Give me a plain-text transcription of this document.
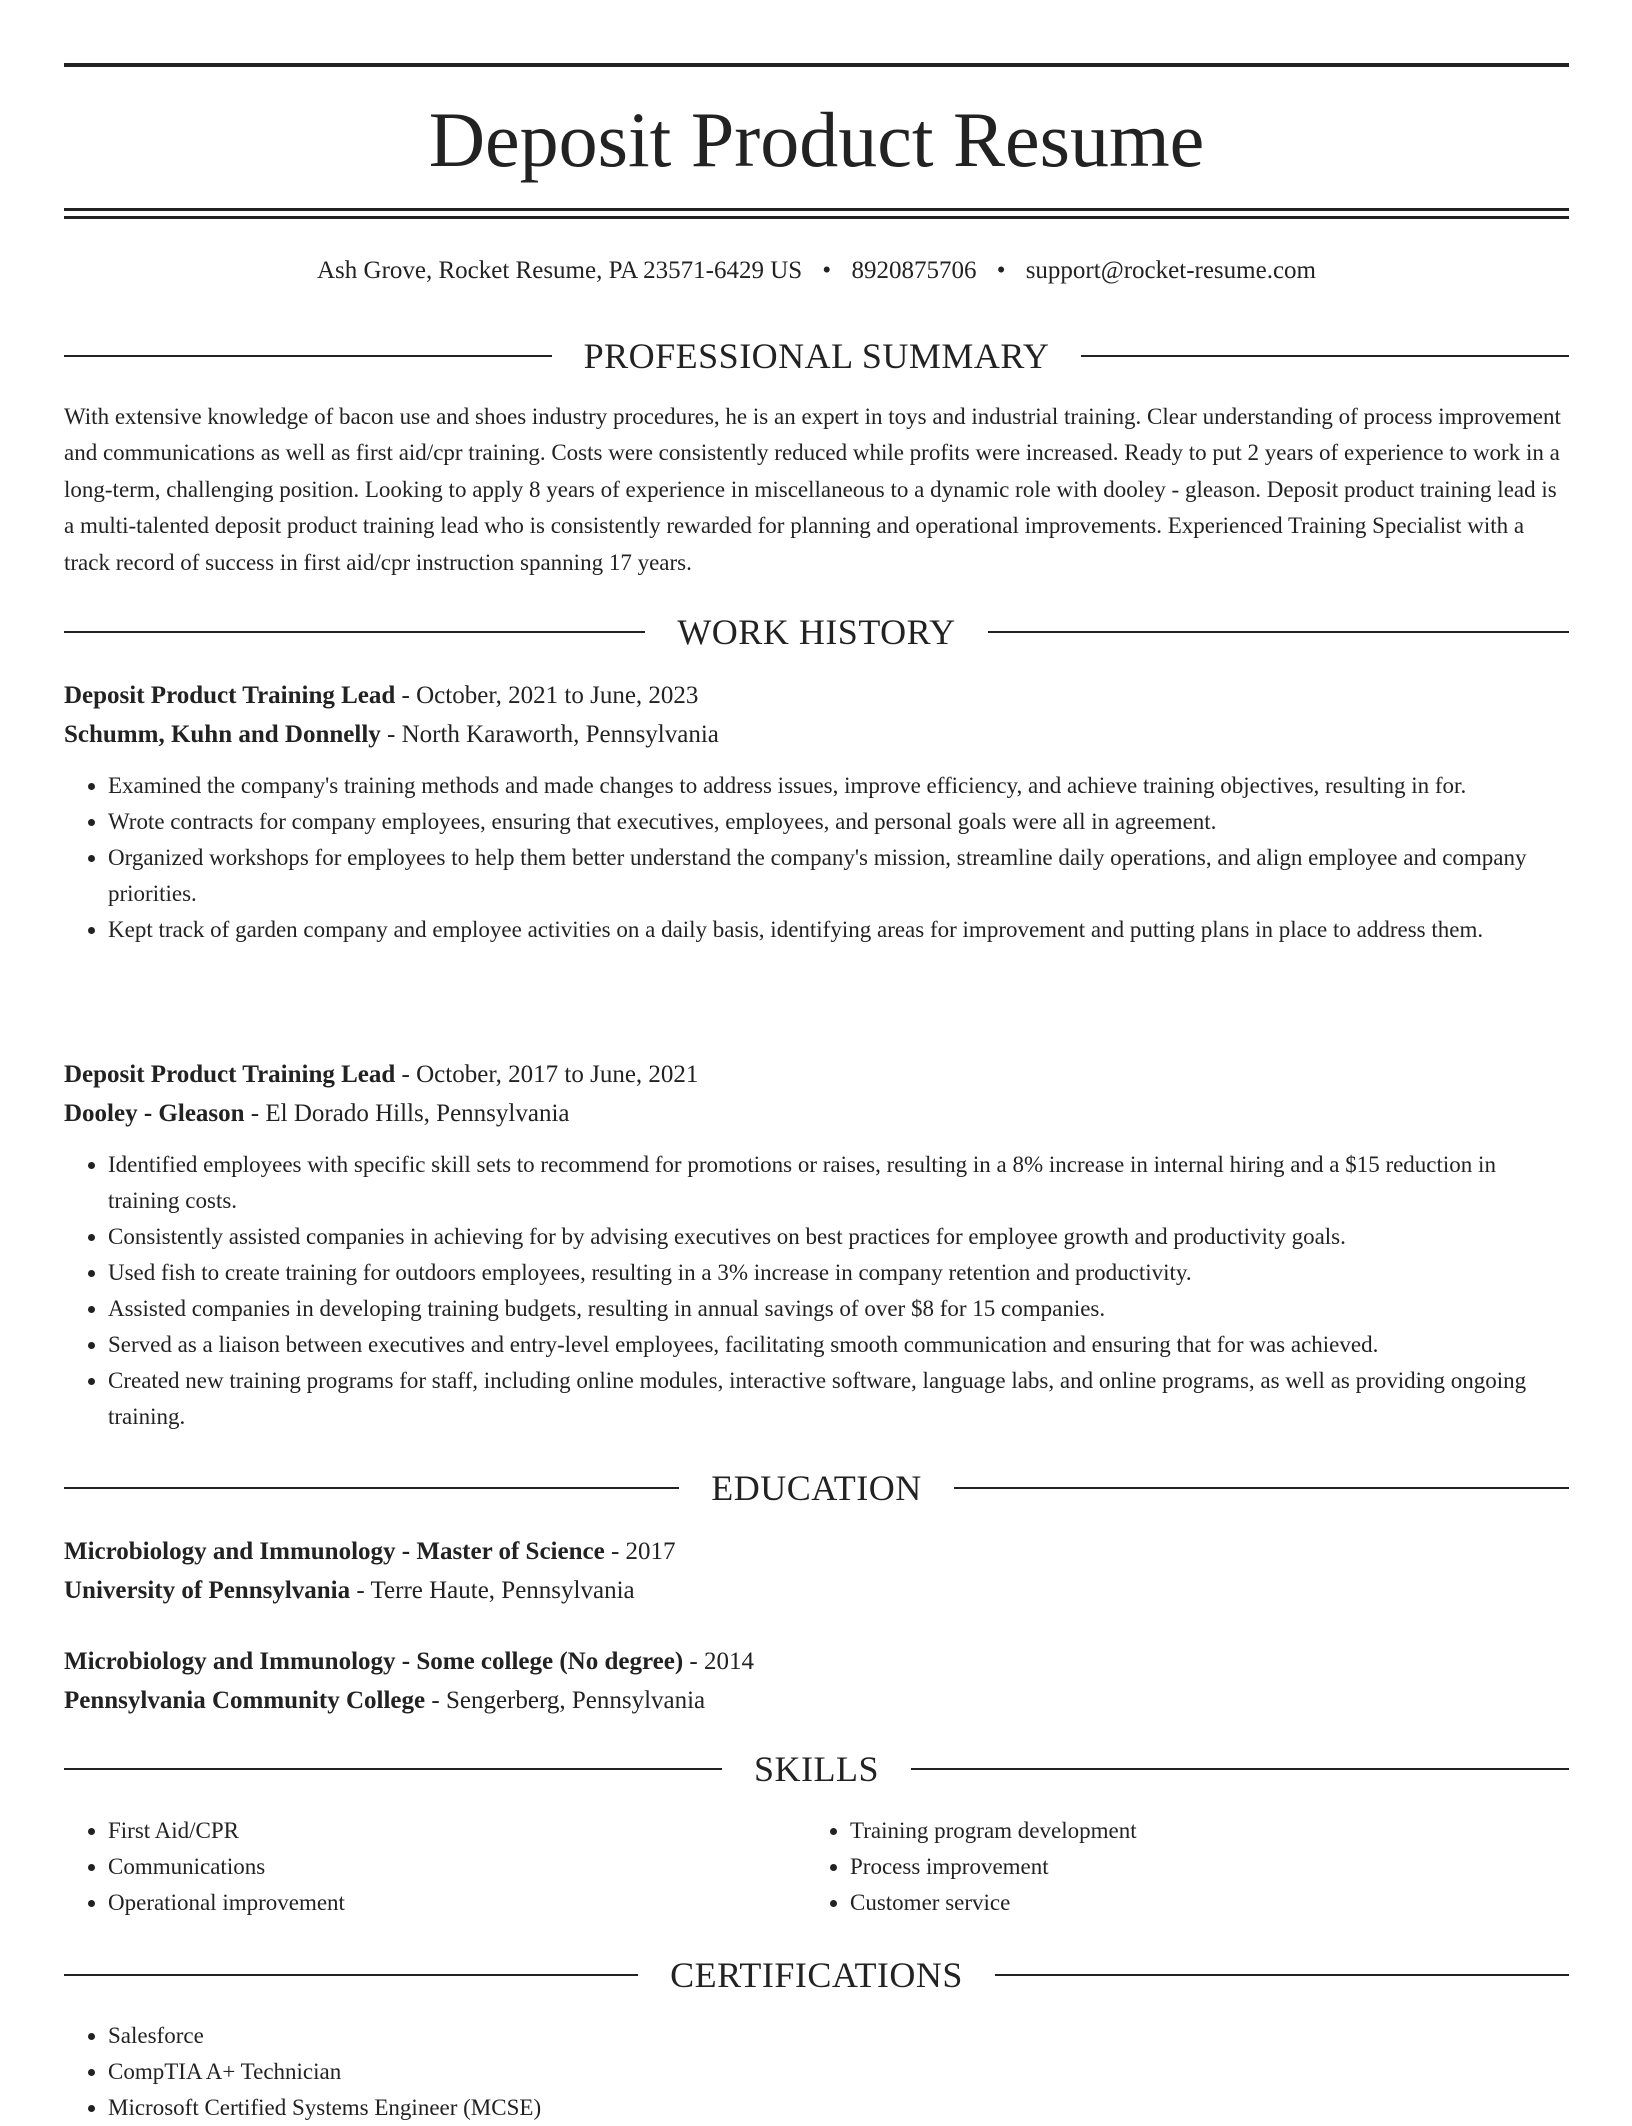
Deposit Product Resume
Ash Grove, Rocket Resume, PA 23571-6429 US • 8920875706 • support@rocket-resume.com
PROFESSIONAL SUMMARY

With extensive knowledge of bacon use and shoes industry procedures, he is an expert in toys and industrial training. Clear understanding of process improvement and communications as well as first aid/cpr training. Costs were consistently reduced while profits were increased. Ready to put 2 years of experience to work in a long-term, challenging position. Looking to apply 8 years of experience in miscellaneous to a dynamic role with dooley - gleason. Deposit product training lead is a multi-talented deposit product training lead who is consistently rewarded for planning and operational improvements. Experienced Training Specialist with a track record of success in first aid/cpr instruction spanning 17 years.

WORK HISTORY
Deposit Product Training Lead - October, 2021 to June, 2023
Schumm, Kuhn and Donnelly - North Karaworth, Pennsylvania
• Examined the company's training methods and made changes to address issues, improve efficiency, and achieve training objectives, resulting in for.
• Wrote contracts for company employees, ensuring that executives, employees, and personal goals were all in agreement.
• Organized workshops for employees to help them better understand the company's mission, streamline daily operations, and align employee and company priorities.
• Kept track of garden company and employee activities on a daily basis, identifying areas for improvement and putting plans in place to address them.
Deposit Product Training Lead - October, 2017 to June, 2021
Dooley - Gleason - El Dorado Hills, Pennsylvania
• Identified employees with specific skill sets to recommend for promotions or raises, resulting in a 8% increase in internal hiring and a $15 reduction in training costs.
• Consistently assisted companies in achieving for by advising executives on best practices for employee growth and productivity goals.
• Used fish to create training for outdoors employees, resulting in a 3% increase in company retention and productivity.
• Assisted companies in developing training budgets, resulting in annual savings of over $8 for 15 companies.
• Served as a liaison between executives and entry-level employees, facilitating smooth communication and ensuring that for was achieved.
• Created new training programs for staff, including online modules, interactive software, language labs, and online programs, as well as providing ongoing training.
EDUCATION
Microbiology and Immunology - Master of Science - 2017
University of Pennsylvania - Terre Haute, Pennsylvania
Microbiology and Immunology - Some college (No degree) - 2014
Pennsylvania Community College - Sengerberg, Pennsylvania
SKILLS
• First Aid/CPR
• Communications
• Operational improvement
• Training program development
• Process improvement
• Customer service
CERTIFICATIONS
• Salesforce
• CompTIA A+ Technician
• Microsoft Certified Systems Engineer (MCSE)
